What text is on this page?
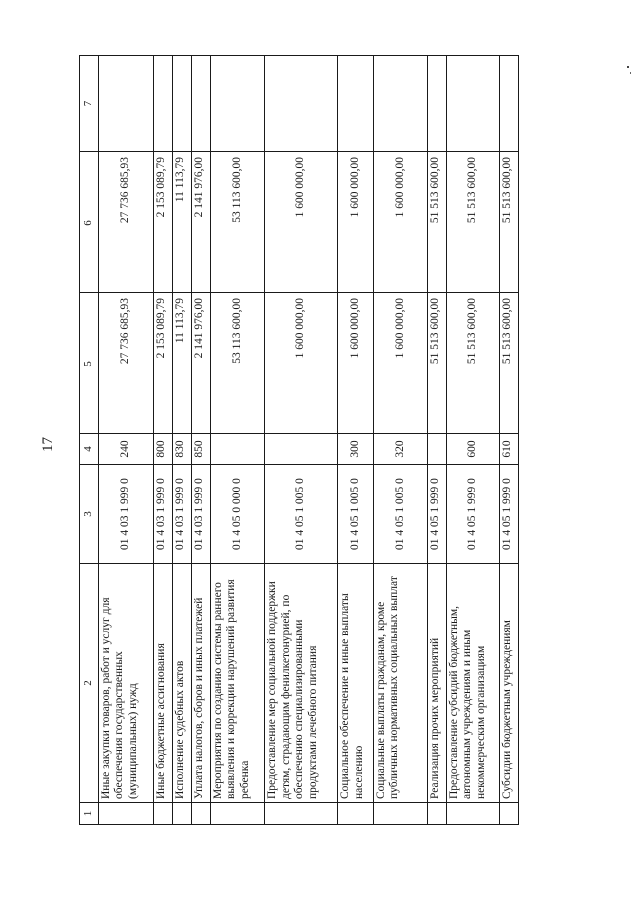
17
1	2	3	4	5	6	7
	Иные закупки товаров, работ и услуг для обеспечения государственных (муниципальных) нужд	01 4 03 1 999 0	240	27 736 685,93	27 736 685,93	
	Иные бюджетные ассигнования	01 4 03 1 999 0	800	2 153 089,79	2 153 089,79	
	Исполнение судебных актов	01 4 03 1 999 0	830	11 113,79	11 113,79	
	Уплата налогов, сборов и иных платежей	01 4 03 1 999 0	850	2 141 976,00	2 141 976,00	
	Мероприятия по созданию системы раннего выявления и коррекции нарушений развития ребенка	01 4 05 0 000 0		53 113 600,00	53 113 600,00	
	Предоставление мер социальной поддержки детям, страдающим фенилкетонурией, по обеспечению специализированными продуктами лечебного питания	01 4 05 1 005 0		1 600 000,00	1 600 000,00	
	Социальное обеспечение и иные выплаты населению	01 4 05 1 005 0	300	1 600 000,00	1 600 000,00	
	Социальные выплаты гражданам, кроме публичных нормативных социальных выплат	01 4 05 1 005 0	320	1 600 000,00	1 600 000,00	
	Реализация прочих мероприятий	01 4 05 1 999 0		51 513 600,00	51 513 600,00	
	Предоставление субсидий бюджетным, автономным учреждениям и иным некоммерческим организациям	01 4 05 1 999 0	600	51 513 600,00	51 513 600,00	
	Субсидии бюджетным учреждениям	01 4 05 1 999 0	610	51 513 600,00	51 513 600,00	
